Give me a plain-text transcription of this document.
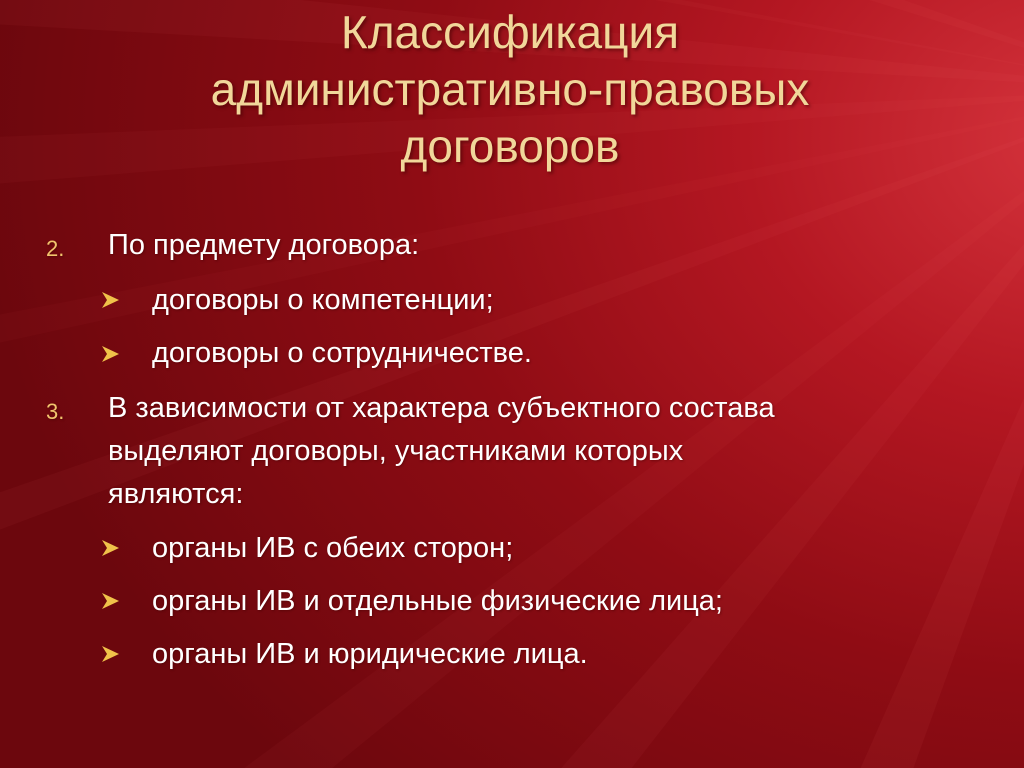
Классификация
административно-правовых
договоров
2. По предмету договора:
договоры о компетенции;
договоры о сотрудничестве.
3. В зависимости от характера субъектного состава
выделяют договоры, участниками которых
являются:
органы ИВ с обеих сторон;
органы ИВ и отдельные физические лица;
органы ИВ и юридические лица.
